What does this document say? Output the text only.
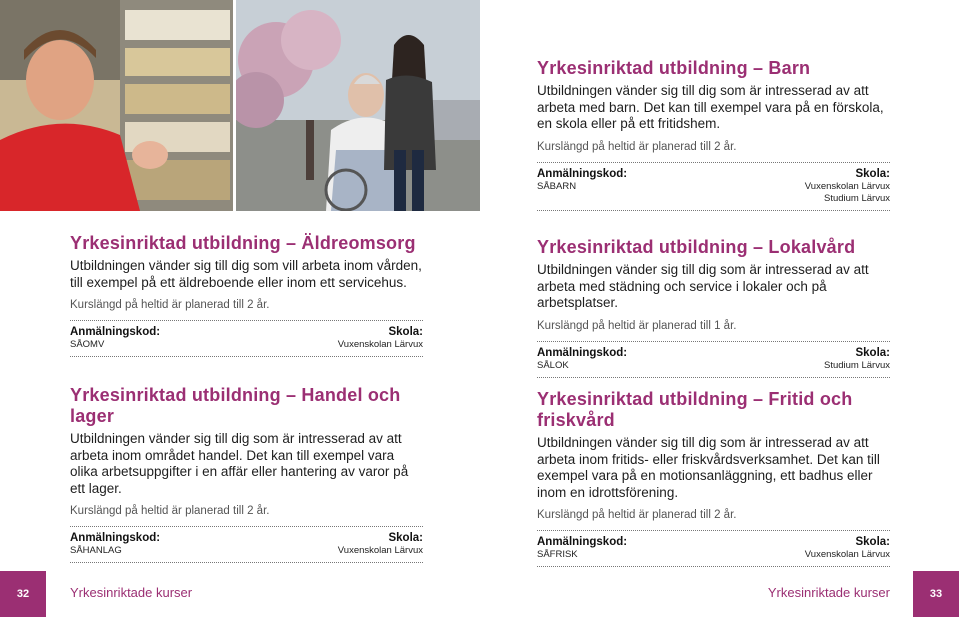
Yrkesinriktad utbildning – Barn
Utbildningen vänder sig till dig som är intresserad av att arbeta med barn. Det kan till exempel vara på en förskola, en skola eller på ett fritidshem.
Kurslängd på heltid är planerad till 2 år.
Anmälningskod:
SÅBARN
Skola:
Vuxenskolan Lärvux
Studium Lärvux
Yrkesinriktad utbildning – Äldreomsorg
Utbildningen vänder sig till dig som vill arbeta inom vården, till exempel på ett äldreboende eller inom ett servicehus.
Kurslängd på heltid är planerad till 2 år.
Anmälningskod:
SÅOMV
Skola:
Vuxenskolan Lärvux
Yrkesinriktad utbildning – Lokalvård
Utbildningen vänder sig till dig som är intresserad av att arbeta med städning och service i lokaler och på arbetsplatser.
Kurslängd på heltid är planerad till 1 år.
Anmälningskod:
SÅLOK
Skola:
Studium Lärvux
Yrkesinriktad utbildning – Handel och lager
Utbildningen vänder sig till dig som är intresserad av att arbeta inom området handel. Det kan till exempel vara olika arbetsuppgifter i en affär eller hantering av varor på ett lager.
Kurslängd på heltid är planerad till 2 år.
Anmälningskod:
SÅHANLAG
Skola:
Vuxenskolan Lärvux
Yrkesinriktad utbildning – Fritid och friskvård
Utbildningen vänder sig till dig som är intresserad av att arbeta inom fritids- eller friskvårdsverksamhet. Det kan till exempel vara på en motionsanläggning, ett badhus eller inom en idrottsförening.
Kurslängd på heltid är planerad till 2 år.
Anmälningskod:
SÅFRISK
Skola:
Vuxenskolan Lärvux
32	Yrkesinriktade kurser	Yrkesinriktade kurser	33
